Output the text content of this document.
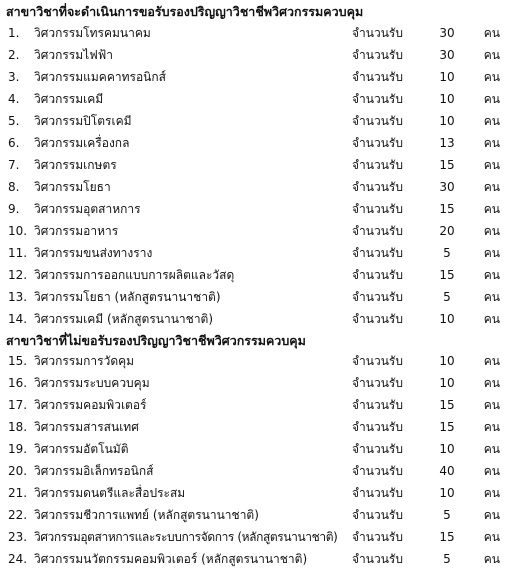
สาขาวิชาที่จะดำเนินการขอรับรองปริญญาวิชาชีพวิศวกรรมควบคุม
1.	วิศวกรรมโทรคมนาคม	จำนวนรับ	30	คน
2.	วิศวกรรมไฟฟ้า	จำนวนรับ	30	คน
3.	วิศวกรรมแมคคาทรอนิกส์	จำนวนรับ	10	คน
4.	วิศวกรรมเคมี	จำนวนรับ	10	คน
5.	วิศวกรรมปิโตรเคมี	จำนวนรับ	10	คน
6.	วิศวกรรมเครื่องกล	จำนวนรับ	13	คน
7.	วิศวกรรมเกษตร	จำนวนรับ	15	คน
8.	วิศวกรรมโยธา	จำนวนรับ	30	คน
9.	วิศวกรรมอุตสาหการ	จำนวนรับ	15	คน
10. วิศวกรรมอาหาร	จำนวนรับ	20	คน
11. วิศวกรรมขนส่งทางราง	จำนวนรับ	5	คน
12. วิศวกรรมการออกแบบการผลิตและวัสดุ	จำนวนรับ	15	คน
13. วิศวกรรมโยธา (หลักสูตรนานาชาติ)	จำนวนรับ	5	คน
14. วิศวกรรมเคมี (หลักสูตรนานาชาติ)	จำนวนรับ	10	คน
สาขาวิชาที่ไม่ขอรับรองปริญญาวิชาชีพวิศวกรรมควบคุม
15. วิศวกรรมการวัดคุม	จำนวนรับ	10	คน
16. วิศวกรรมระบบควบคุม	จำนวนรับ	10	คน
17. วิศวกรรมคอมพิวเตอร์	จำนวนรับ	15	คน
18. วิศวกรรมสารสนเทศ	จำนวนรับ	15	คน
19. วิศวกรรมอัตโนมัติ	จำนวนรับ	10	คน
20. วิศวกรรมอิเล็กทรอนิกส์	จำนวนรับ	40	คน
21. วิศวกรรมดนตรีและสื่อประสม	จำนวนรับ	10	คน
22. วิศวกรรมชีวการแพทย์ (หลักสูตรนานาชาติ)	จำนวนรับ	5	คน
23. วิศวกรรมอุตสาหการและระบบการจัดการ (หลักสูตรนานาชาติ) จำนวนรับ	15	คน
24. วิศวกรรมนวัตกรรมคอมพิวเตอร์ (หลักสูตรนานาชาติ)	จำนวนรับ	5	คน
